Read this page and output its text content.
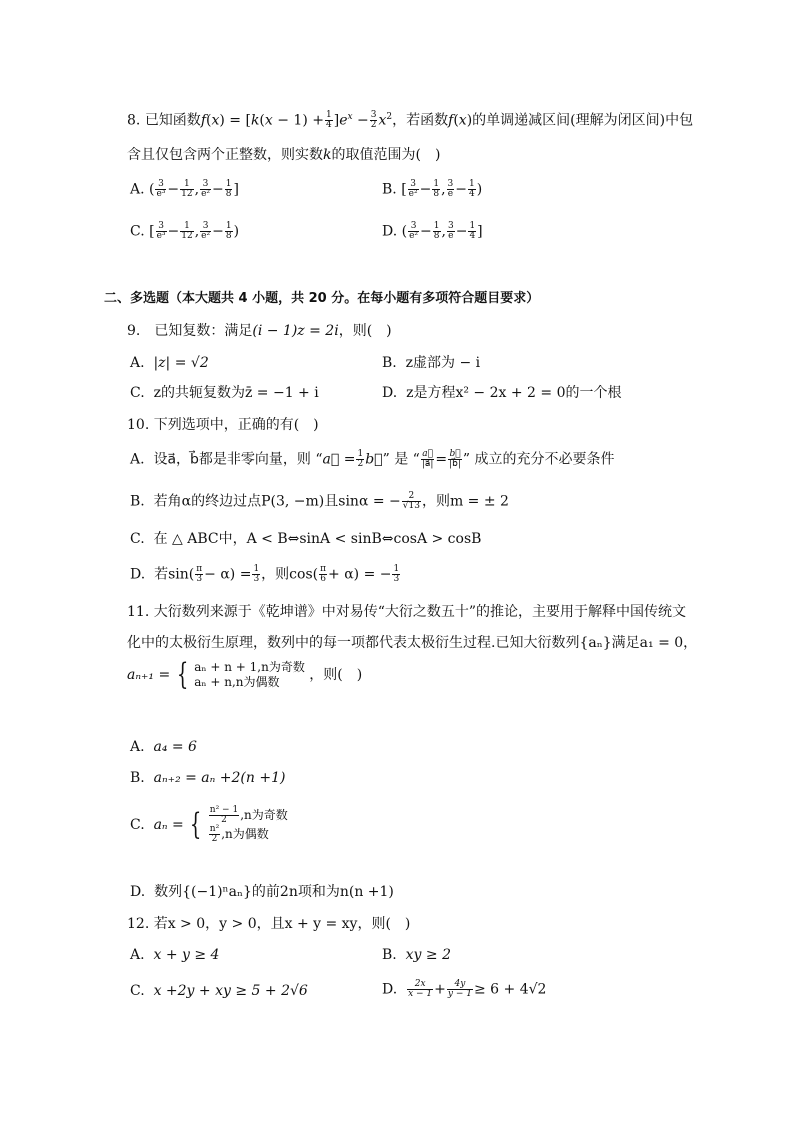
8. 已知函数$f(x) = [k(x - 1) + \frac{1}{4} ]e^x - \frac{3}{2} x^2$，若函数f(x)的单调递减区间(理解为闭区间)中包
含且仅包含两个正整数，则实数k的取值范围为(　)
A. ( $\frac{3}{\text{e³}} - \frac{1}{12}$ , $\frac{3}{\text{e²}} - \frac{1}{8}$ ]	B. [ $\frac{3}{\text{e²}} - \frac{1}{8}$ , $\frac{3}{e} - \frac{1}{4}$ )
C. [ $\frac{3}{\text{e³}} - \frac{1}{12}$ , $\frac{3}{\text{e²}} - \frac{1}{8}$ )	D. ( $\frac{3}{\text{e²}} - \frac{1}{8}$ , $\frac{3}{e} - \frac{1}{4}$ ]
二、多选题（本大题共 4 小题，共 20 分。在每小题有多项符合题目要求）
9.　已知复数：满足(i − 1)z = 2i，则(　)
A. |z| = √2	B. z虚部为 − i
C. z的共轭复数为z̄ = −1 + i	D. z是方程x² − 2x + 2 = 0的一个根
10. 下列选项中，正确的有(　)
A. 设a⃗，b⃗都是非零向量，则 “a⃗ = $\frac{1}{2}$ b⃗” 是 “ $\frac{a⃗}{|a⃗|} = \frac{b⃗}{|b⃗|}$ ” 成立的充分不必要条件
B. 若角α的终边过点P(3, −m)且sinα = − $\frac{2}{√13}$ ，则m = ± 2
C. 在 △ ABC中，A < B⇔sinA < sinB⇔cosA > cosB
D. 若$\sin( \frac{\pi}{3} - \alpha) = \frac{1}{3}$ ，则$\cos( \frac{\pi}{6} + \alpha)$ = − $\frac{1}{3}$
11. 大衍数列来源于《乾坤谱》中对易传“大衍之数五十”的推论，主要用于解释中国传统文
化中的太极衍生原理，数列中的每一项都代表太极衍生过程.已知大衍数列{aₙ}满足a₁ = 0，
aₙ₊₁ = { aₙ + n + 1,n为奇数
aₙ + n,n为偶数 ，则(　)
A. a₄ = 6
B. aₙ₊₂ = aₙ +2(n +1)
C. aₙ = { $\frac{\text{n² − 1}}{2} ,n$为奇数

$\frac{\text{n²}}{2} ,n$为偶数
D. 数列{(−1)ⁿaₙ}的前2n项和为n(n +1)
12. 若x > 0，y > 0，且x + y = xy，则(　)
A. x + y ≥ 4	B. xy ≥ 2
C. x +2y + xy ≥ 5 + 2√6	D. $\frac{2x}{x - 1} + \frac{4y}{y - 1} \ge 6 + 4√2$
